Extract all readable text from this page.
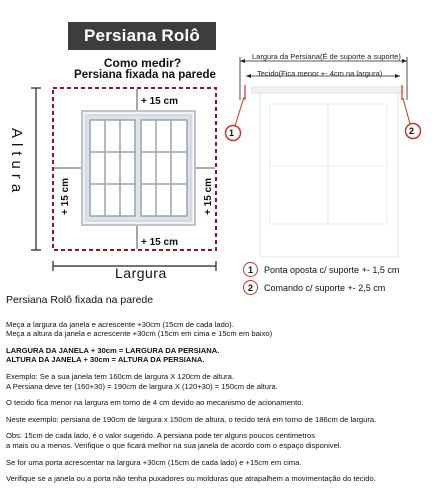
Persiana Rolô
Como medir?
Persiana fixada na parede
+ 15 cm
+ 15 cm
+ 15 cm	+ 15 cm
Altura
Largura
Largura da Persiana(É de suporte a suporte)
Tecido(Fica menor +- 4cm na largura)
1	2
1	Ponta oposta c/ suporte +- 1,5 cm
2	Comando c/ suporte +- 2,5 cm
Persiana Rolô fixada na parede

Meça a largura da janela e acrescente +30cm (15cm de cada lado).

Meça a altura da janela e acrescente +30cm (15cm em cima e 15cm em baixo)

LARGURA DA JANELA + 30cm = LARGURA DA PERSIANA.

ALTURA DA JANELA + 30cm = ALTURA DA PERSIANA.

Exemplo: Se a sua janela tem 160cm de largura X 120cm de altura.

A Persiana deve ter (160+30) = 190cm de largura X (120+30) = 150cm de altura.

O tecido fica menor na largura em torno de 4 cm devido ao mecanismo de acionamento.

Neste exemplo: persiana de 190cm de largura x 150cm de altura, o tecido terá em torno de 186cm de largura.

Obs: 15cm de cada lado, é o valor sugerido. A persiana pode ter alguns poucos centimetros

a mais ou a menos. Verifique o que ficará melhor na sua janela de acordo com o espaço disponivel.

Se for uma porta acrescentar na largura +30cm (15cm de cada lado) e +15cm em cima.

Verifique se a janela ou a porta não tenha puxadores ou molduras que atrapalhem a movimentação do tecido.
